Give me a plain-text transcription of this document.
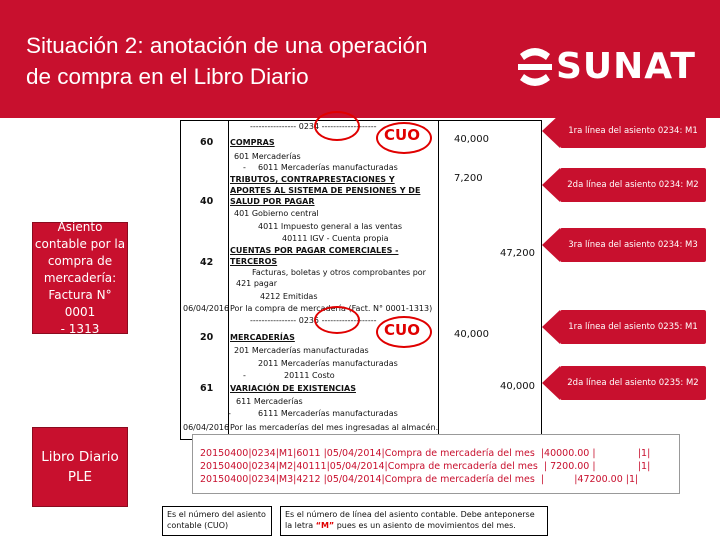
Situación 2: anotación de una operación
de compra en el Libro Diario	SUNAT
Asiento
contable por la
compra de
mercadería:
Factura N° 0001
- 1313
Libro Diario
PLE
---------------- 0234 ------------------- CUO
60 COMPRAS	40,000
601 Mercaderías
- 6011 Mercaderías manufacturadas
TRIBUTOS, CONTRAPRESTACIONES Y	7,200
APORTES AL SISTEMA DE PENSIONES Y DE
40 SALUD POR PAGAR
401 Gobierno central
4011 Impuesto general a las ventas
40111 IGV - Cuenta propia
CUENTAS POR PAGAR COMERCIALES -	47,200
42 TERCEROS
Facturas, boletas y otros comprobantes por
421 pagar
4212 Emitidas
06/04/2016 Por la compra de mercadería (Fact. N° 0001-1313)
---------------- 0235 -------------------
CUO
20 MERCADERÍAS	40,000
201 Mercaderías manufacturadas
2011 Mercaderías manufacturadas
-	20111 Costo
61 VARIACIÓN DE EXISTENCIAS	40,000
611 Mercaderías
-	6111 Mercaderías manufacturadas
06/04/2016 Por las mercaderías del mes ingresadas al almacén.
1ra línea del asiento 0234: M1
2da línea del asiento 0234: M2
3ra línea del asiento 0234: M3
1ra línea del asiento 0235: M1
2da línea del asiento 0235: M2
20150400|0234|M1|6011 |05/04/2014|Compra de mercadería del mes  |40000.00 |              |1|
20150400|0234|M2|40111|05/04/2014|Compra de mercadería del mes  | 7200.00 |              |1|
20150400|0234|M3|4212 |05/04/2014|Compra de mercadería del mes  |          |47200.00 |1|
Es el número del asiento contable (CUO)
Es el número de línea del asiento contable. Debe anteponerse la letra “M” pues es un asiento de movimientos del mes.
